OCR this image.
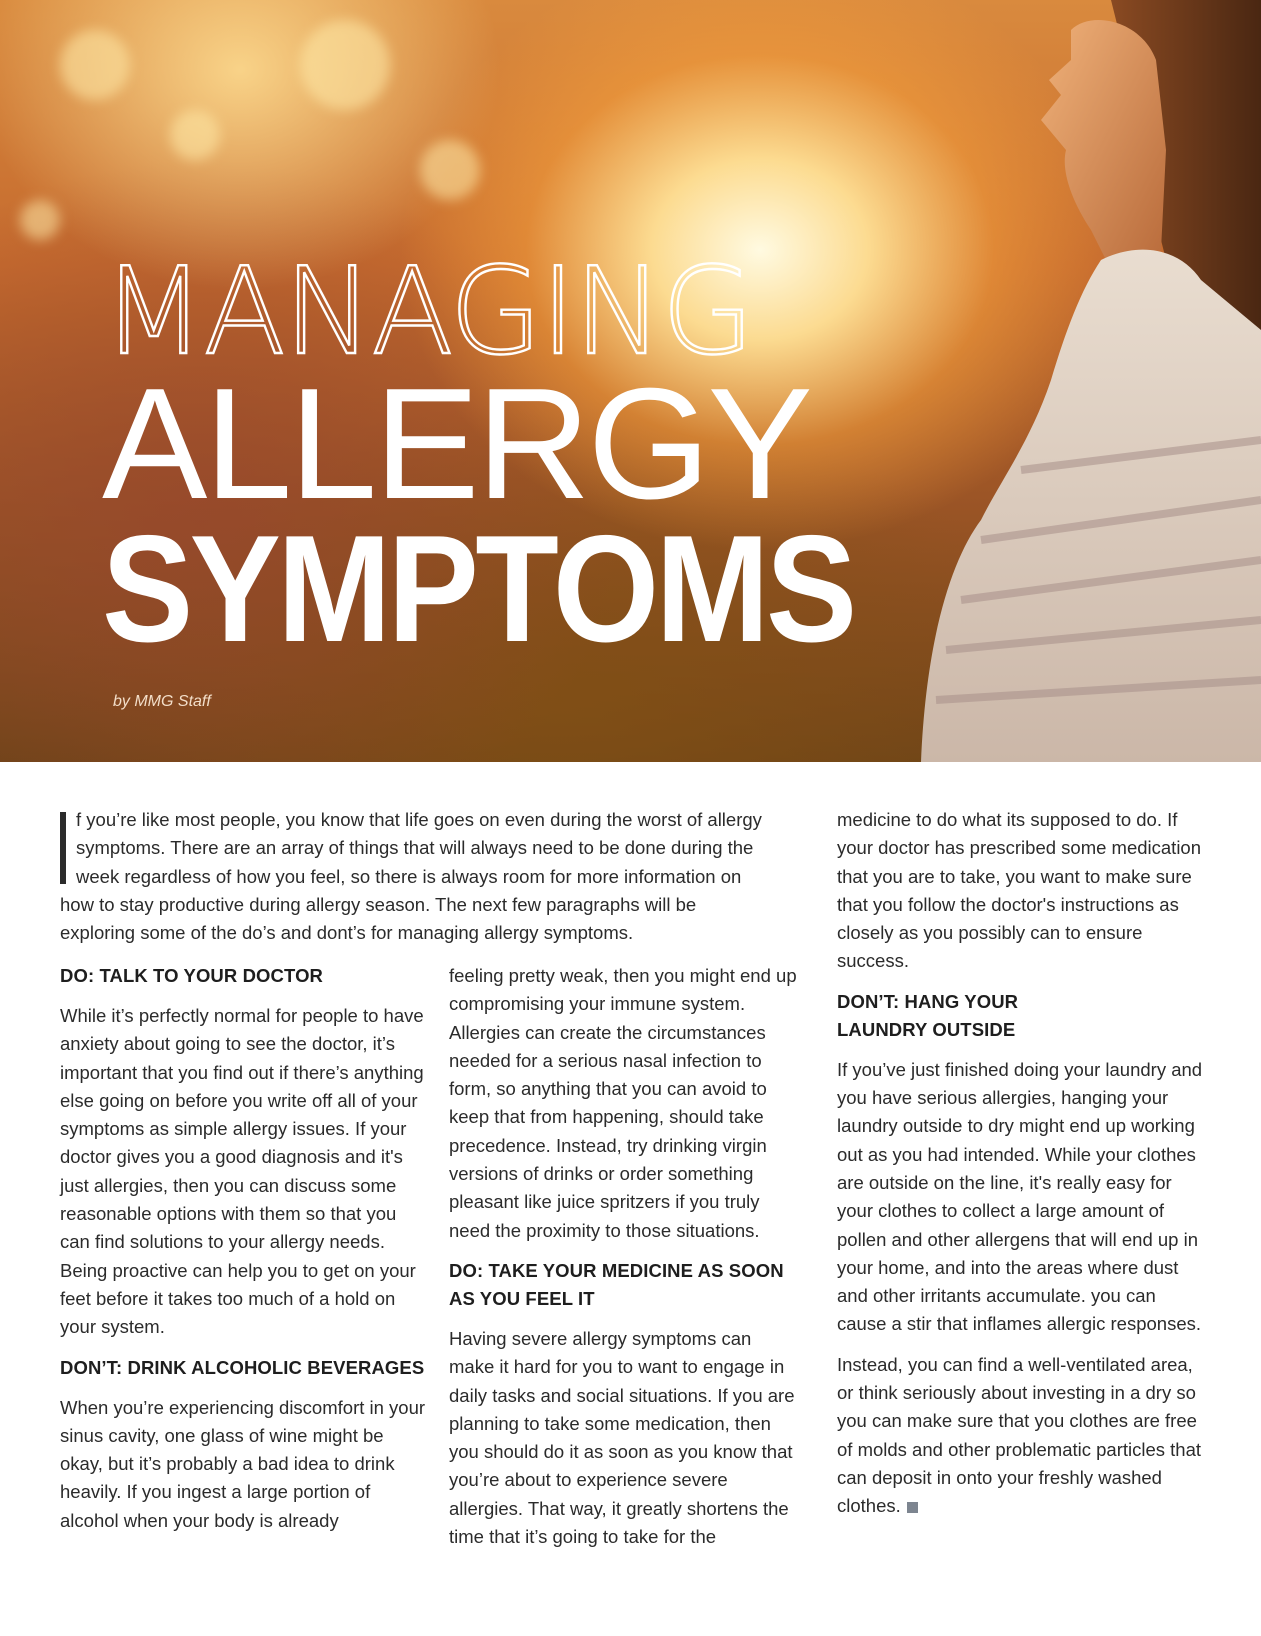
MANAGING
ALLERGY
SYMPTOMS
by MMG Staff
f you’re like most people, you know that life goes on even during the worst of allergy
symptoms. There are an array of things that will always need to be done during the
week regardless of how you feel, so there is always room for more information on
how to stay productive during allergy season. The next few paragraphs will be
exploring some of the do’s and dont’s for managing allergy symptoms.
DO: TALK TO YOUR DOCTOR

While it’s perfectly normal for people to have anxiety about going to see the doctor, it’s important that you find out if there’s anything else going on before you write off all of your symptoms as simple allergy issues. If your doctor gives you a good diagnosis and it's just allergies, then you can discuss some reasonable options with them so that you can find solutions to your allergy needs. Being proactive can help you to get on your feet before it takes too much of a hold on your system.

DON’T: DRINK ALCOHOLIC BEVERAGES

When you’re experiencing discomfort in your sinus cavity, one glass of wine might be okay, but it’s probably a bad idea to drink heavily. If you ingest a large portion of alcohol when your body is already

feeling pretty weak, then you might end up compromising your immune system. Allergies can create the circumstances needed for a serious nasal infection to form, so anything that you can avoid to keep that from happening, should take precedence. Instead, try drinking virgin versions of drinks or order something pleasant like juice spritzers if you truly need the proximity to those situations.

DO: TAKE YOUR MEDICINE AS SOON AS YOU FEEL IT

Having severe allergy symptoms can make it hard for you to want to engage in daily tasks and social situations. If you are planning to take some medication, then you should do it as soon as you know that you’re about to experience severe allergies. That way, it greatly shortens the time that it’s going to take for the

medicine to do what its supposed to do. If your doctor has prescribed some medication that you are to take, you want to make sure that you follow the doctor's instructions as closely as you possibly can to ensure success.

DON’T: HANG YOUR
LAUNDRY OUTSIDE

If you’ve just finished doing your laundry and you have serious allergies, hanging your laundry outside to dry might end up working out as you had intended. While your clothes are outside on the line, it's really easy for your clothes to collect a large amount of pollen and other allergens that will end up in your home, and into the areas where dust and other irritants accumulate. you can cause a stir that inflames allergic responses.

Instead, you can find a well-ventilated area, or think seriously about investing in a dry so you can make sure that you clothes are free of molds and other problematic particles that can deposit in onto your freshly washed clothes.
